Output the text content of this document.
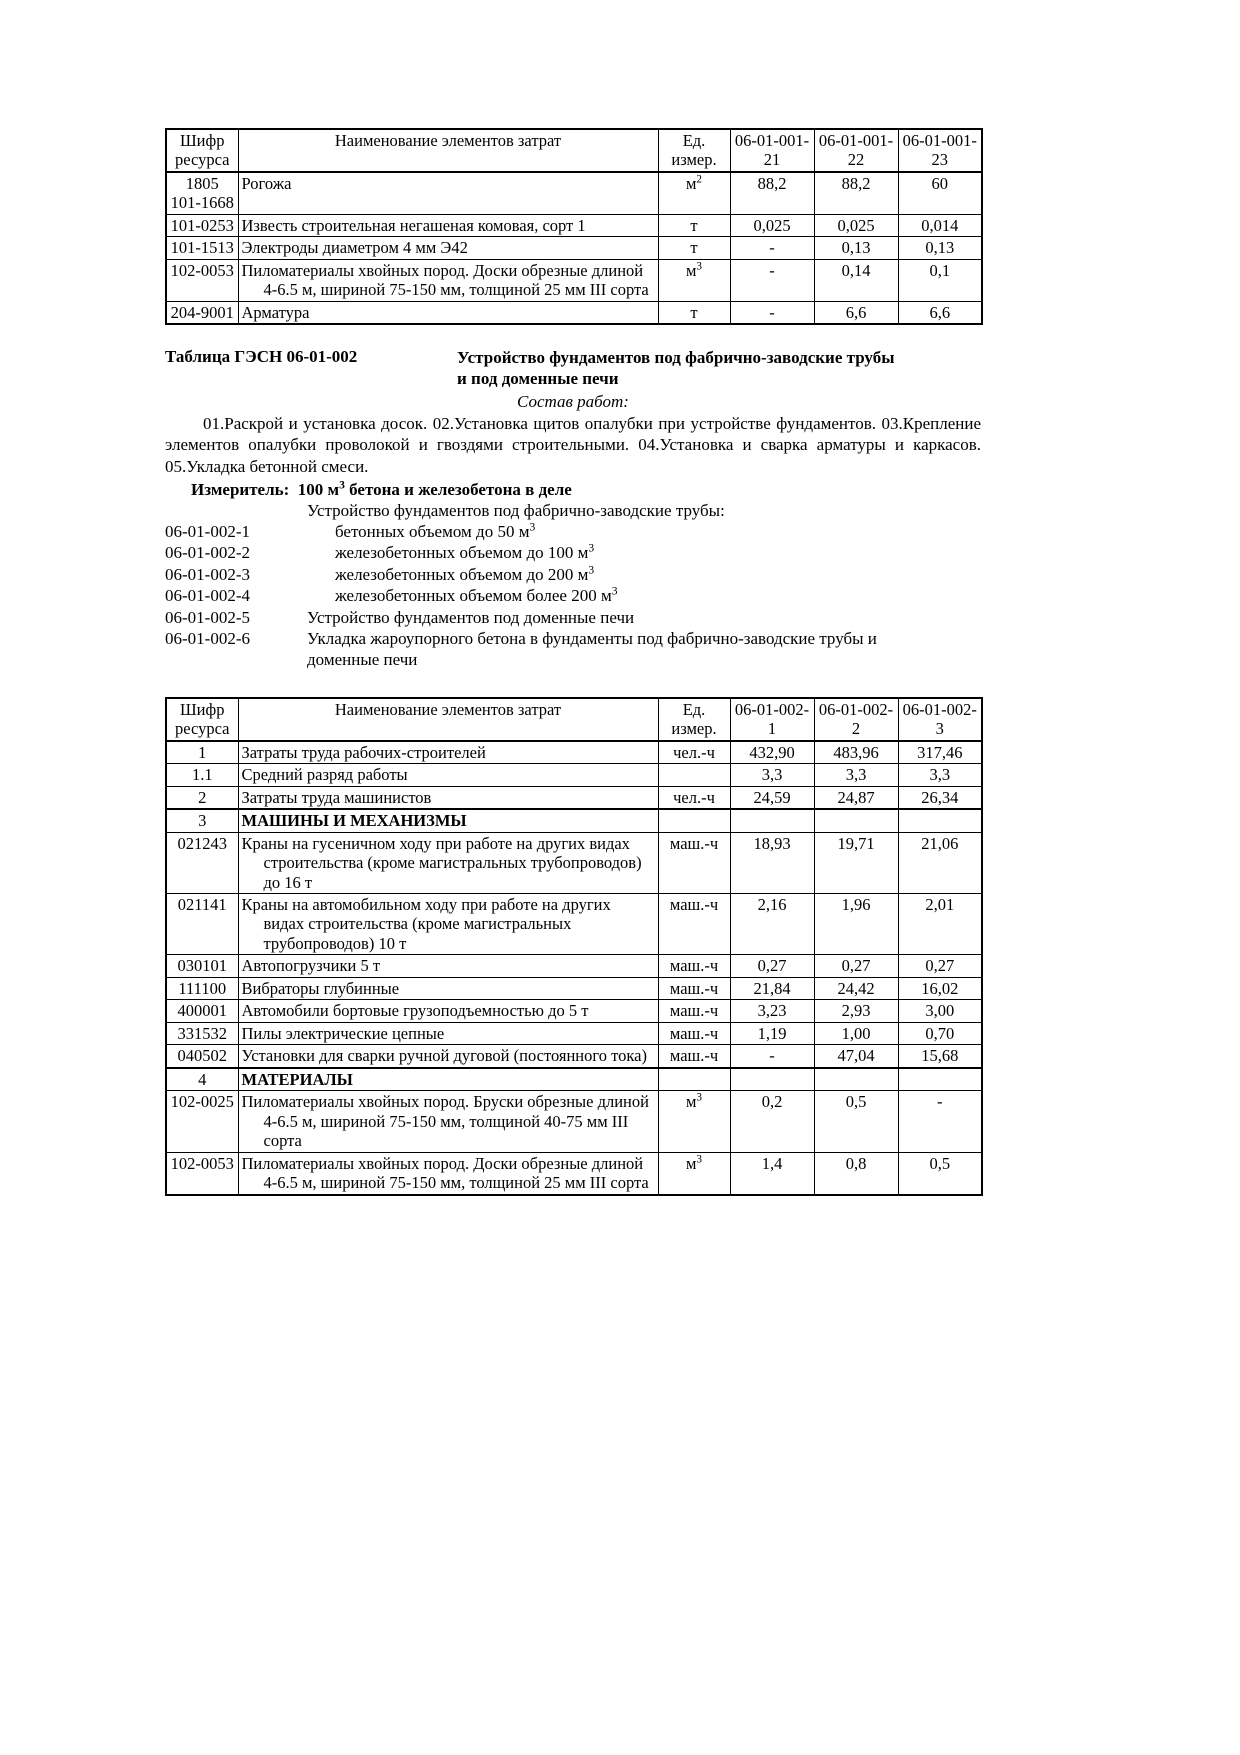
Шифр ресурса	Наименование элементов затрат	Ед. измер.	06-01-001-21	06-01-001-22	06-01-001-23
1805 101-1668	Рогожа	$м^2$	88,2	88,2	60
101-0253	Известь строительная негашеная комовая, сорт 1	т	0,025	0,025	0,014
101-1513	Электроды диаметром 4 мм Э42	т	-	0,13	0,13
102-0053	Пиломатериалы хвойных пород. Доски обрезные длиной 4-6.5 м, шириной 75-150 мм, толщиной 25 мм III сорта	$м^3$	-	0,14	0,1
204-9001	Арматура	т	-	6,6	6,6
Таблица ГЭСН 06-01-002	Устройство фундаментов под фабрично-заводские трубы
и под доменные печи
Состав работ:
01.Раскрой и установка досок. 02.Установка щитов опалубки при устройстве фундаментов. 03.Крепление элементов опалубки проволокой и гвоздями строительными. 04.Установка и сварка арматуры и каркасов. 05.Укладка бетонной смеси.
Измеритель: 100 $м^3$ бетона и железобетона в деле
Устройство фундаментов под фабрично-заводские трубы:
06-01-002-1	бетонных объемом до 50 $м^3$
06-01-002-2	железобетонных объемом до 100 $м^3$
06-01-002-3	железобетонных объемом до 200 $м^3$
06-01-002-4	железобетонных объемом более 200 $м^3$
06-01-002-5	Устройство фундаментов под доменные печи
06-01-002-6	Укладка жароупорного бетона в фундаменты под фабрично-заводские трубы и
доменные печи
Шифр ресурса	Наименование элементов затрат	Ед. измер.	06-01-002-1	06-01-002-2	06-01-002-3
1	Затраты труда рабочих-строителей	чел.-ч	432,90	483,96	317,46
1.1	Средний разряд работы		3,3	3,3	3,3
2	Затраты труда машинистов	чел.-ч	24,59	24,87	26,34
3	МАШИНЫ И МЕХАНИЗМЫ				
021243	Краны на гусеничном ходу при работе на других видах строительства (кроме магистральных трубопроводов) до 16 т	маш.-ч	18,93	19,71	21,06
021141	Краны на автомобильном ходу при работе на других видах строительства (кроме магистральных трубопроводов) 10 т	маш.-ч	2,16	1,96	2,01
030101	Автопогрузчики 5 т	маш.-ч	0,27	0,27	0,27
111100	Вибраторы глубинные	маш.-ч	21,84	24,42	16,02
400001	Автомобили бортовые грузоподъемностью до 5 т	маш.-ч	3,23	2,93	3,00
331532	Пилы электрические цепные	маш.-ч	1,19	1,00	0,70
040502	Установки для сварки ручной дуговой (постоянного тока)	маш.-ч	-	47,04	15,68
4	МАТЕРИАЛЫ				
102-0025	Пиломатериалы хвойных пород. Бруски обрезные длиной 4-6.5 м, шириной 75-150 мм, толщиной 40-75 мм III сорта	$м^3$	0,2	0,5	-
102-0053	Пиломатериалы хвойных пород. Доски обрезные длиной 4-6.5 м, шириной 75-150 мм, толщиной 25 мм III сорта	$м^3$	1,4	0,8	0,5
